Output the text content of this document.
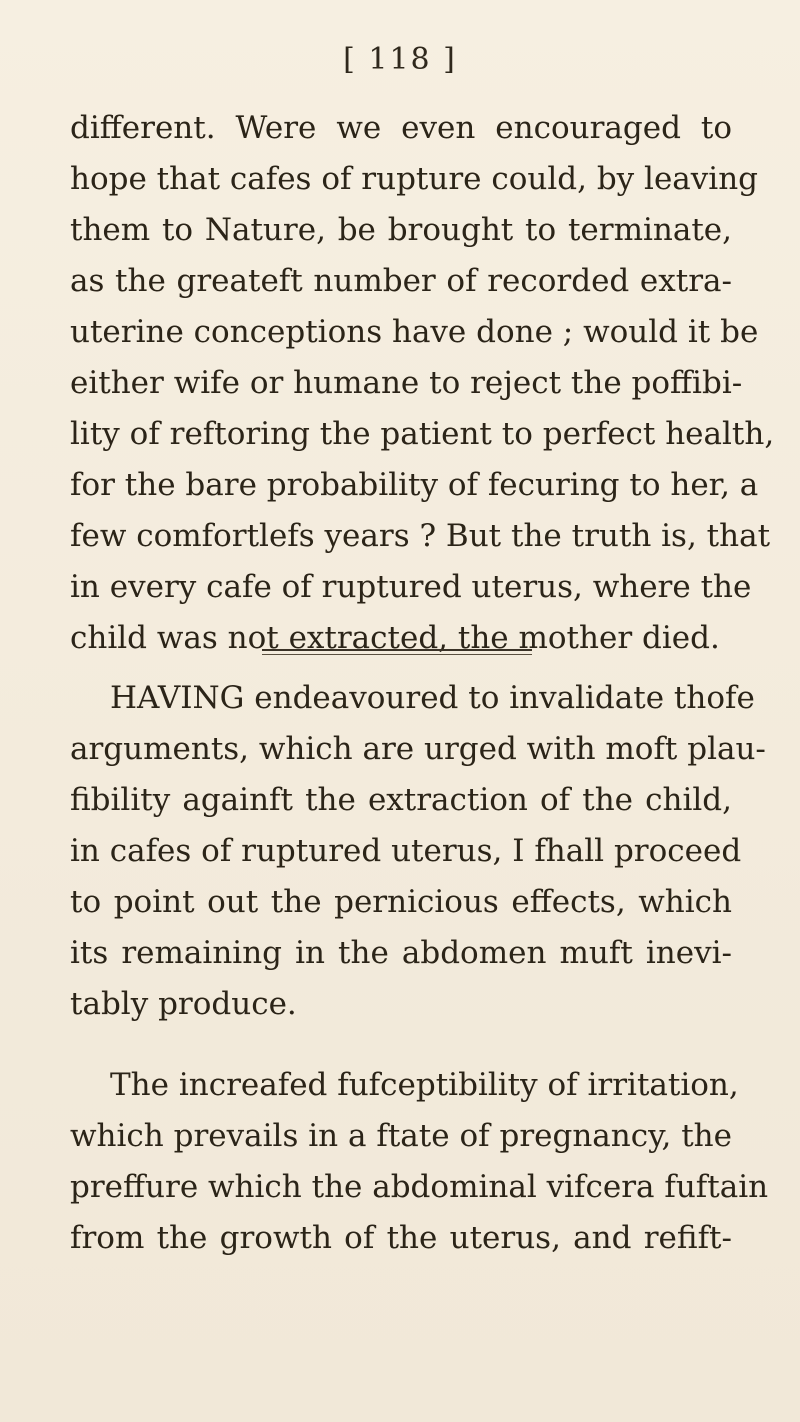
[ 118 ]
different. Were we even encouraged to
hope that cafes of rupture could, by leaving
them to Nature, be brought to terminate,
as the greateft number of recorded extra-
uterine conceptions have done ; would it be
either wife or humane to reject the poffibi-
lity of reftoring the patient to perfect health,
for the bare probability of fecuring to her, a
few comfortlefs years ? But the truth is, that
in every cafe of ruptured uterus, where the
child was not extracted, the mother died.
HAVING endeavoured to invalidate thofe
arguments, which are urged with moft plau-
fibility againft the extraction of the child,
in cafes of ruptured uterus, I fhall proceed
to point out the pernicious effects, which
its remaining in the abdomen muft inevi-
tably produce.
The increafed fufceptibility of irritation,
which prevails in a ftate of pregnancy, the
preffure which the abdominal vifcera fuftain
from the growth of the uterus, and refift-
